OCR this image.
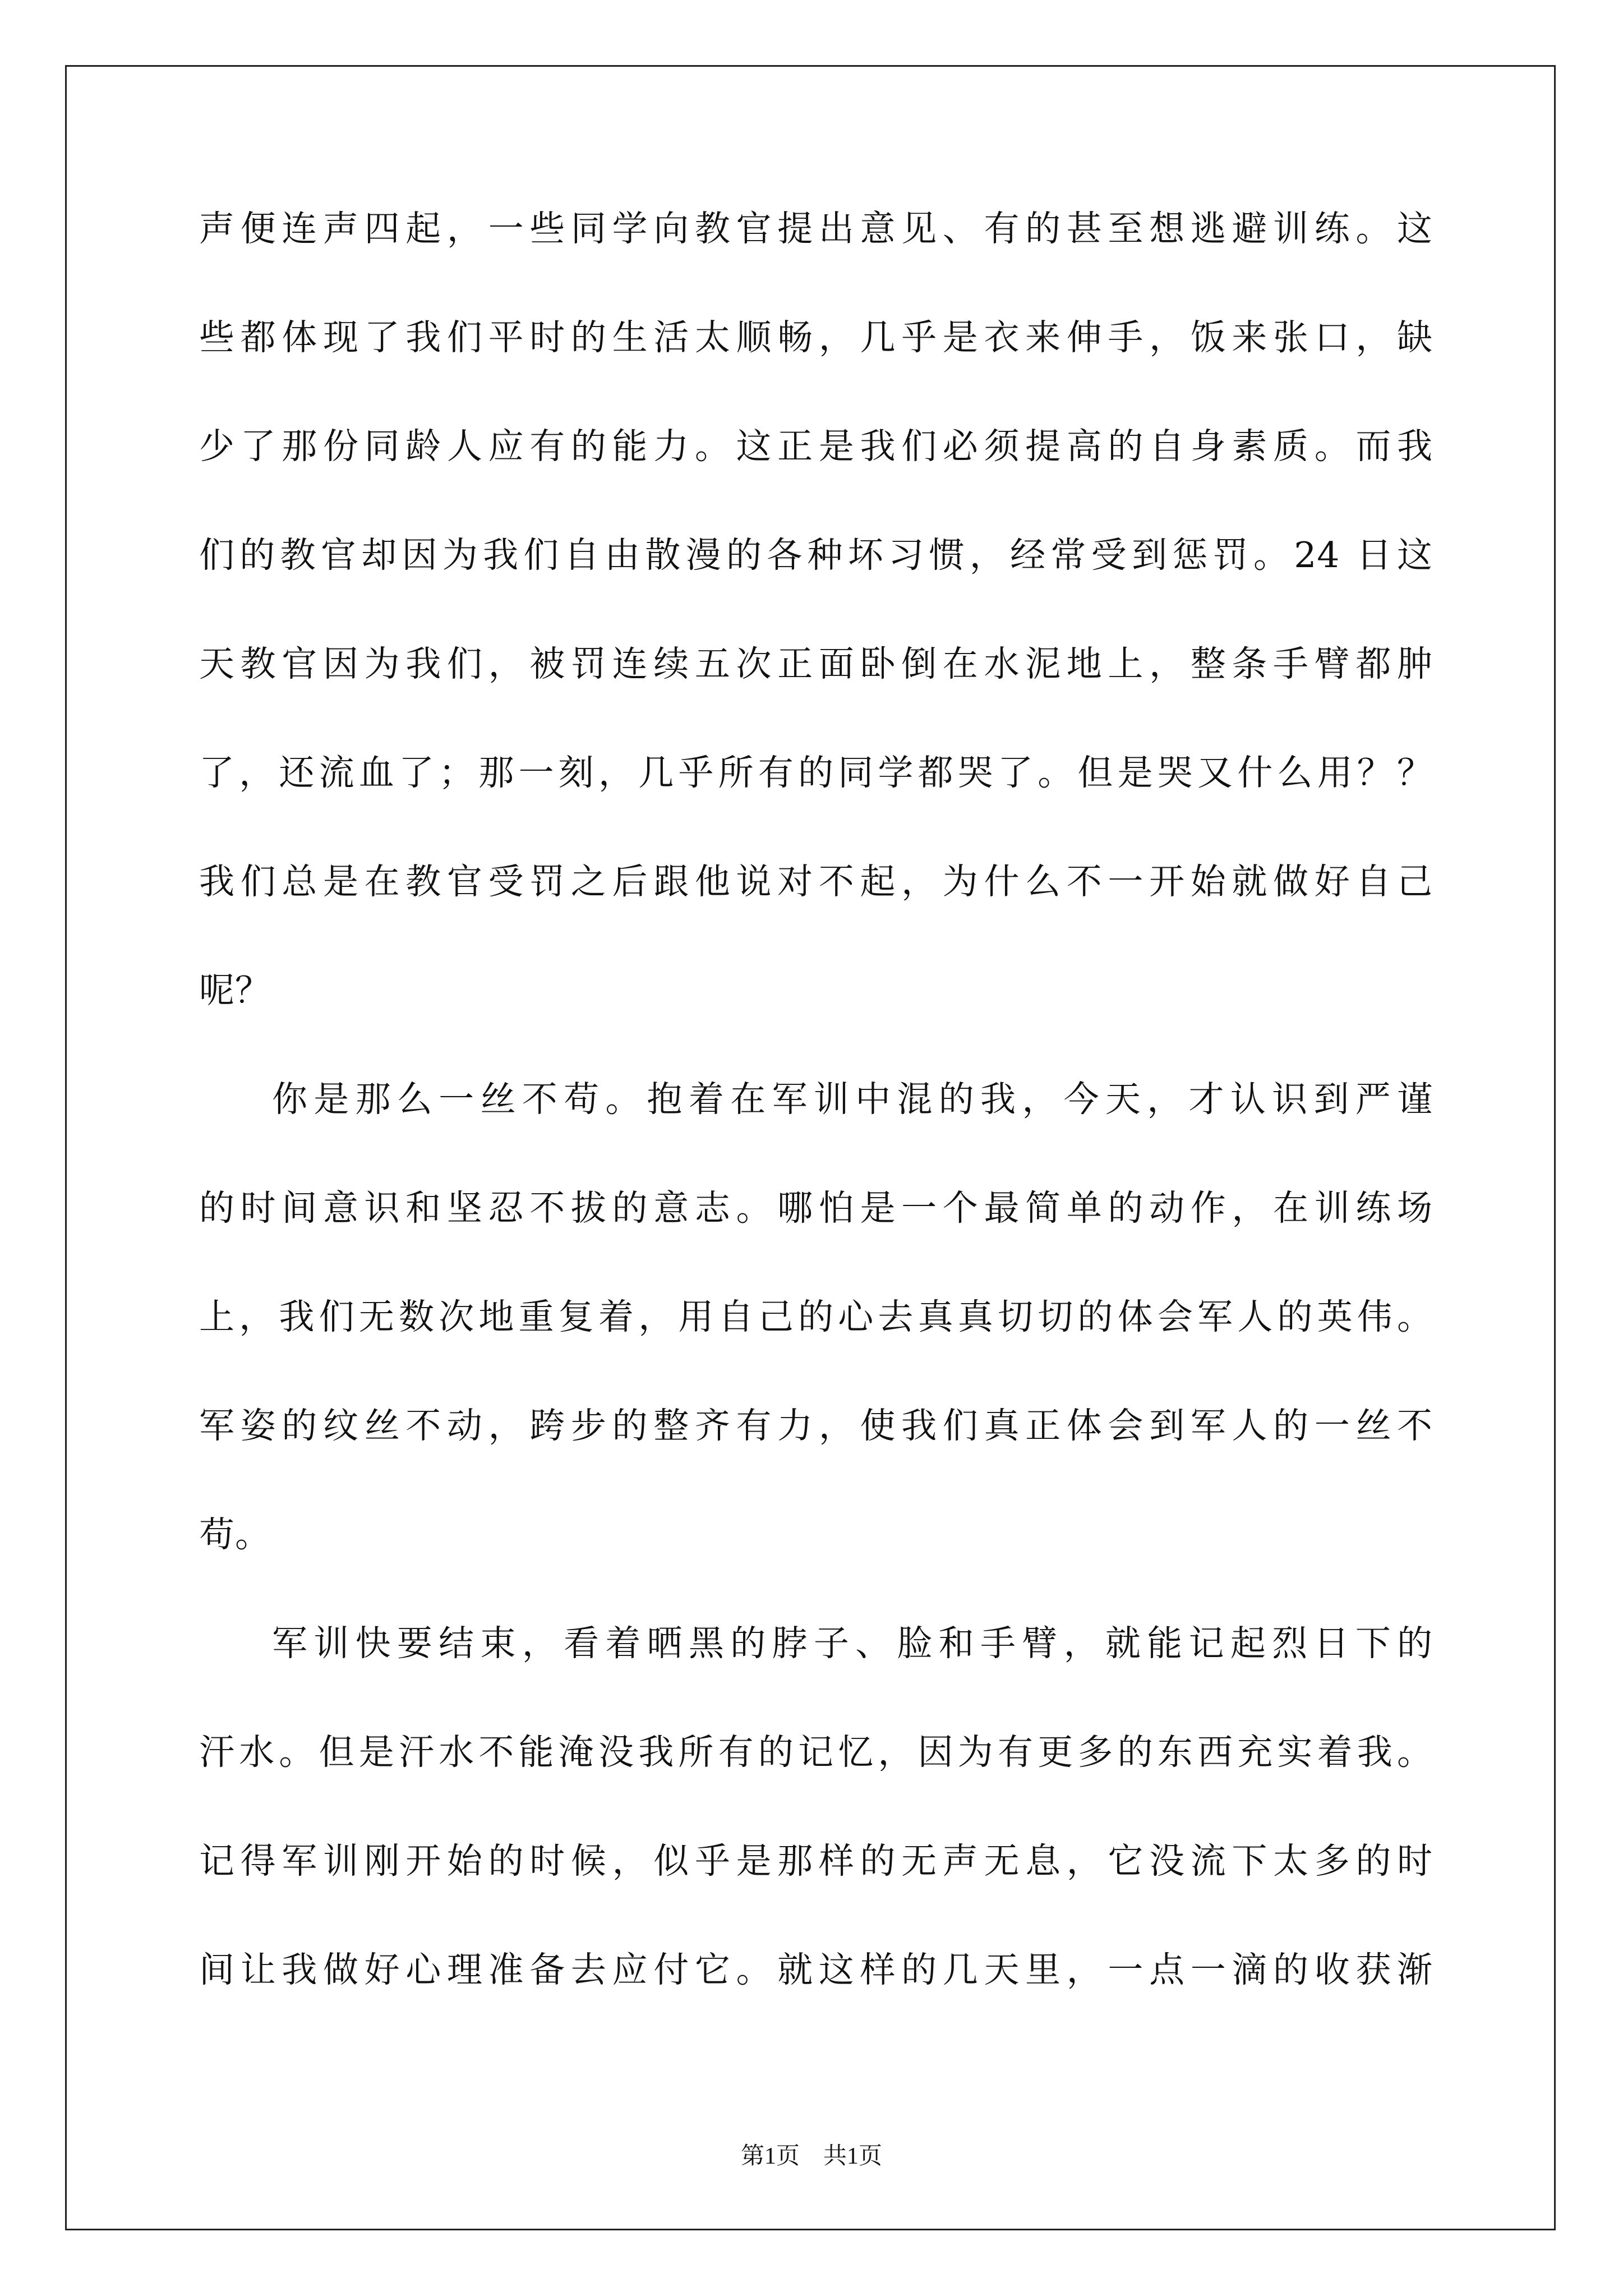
声便连声四起，一些同学向教官提出意见、有的甚至想逃避训练。这
些都体现了我们平时的生活太顺畅，几乎是衣来伸手，饭来张口，缺
少了那份同龄人应有的能力。这正是我们必须提高的自身素质。而我
们的教官却因为我们自由散漫的各种坏习惯，经常受到惩罚。24 日这
天教官因为我们，被罚连续五次正面卧倒在水泥地上，整条手臂都肿
了，还流血了；那一刻，几乎所有的同学都哭了。但是哭又什么用？？
我们总是在教官受罚之后跟他说对不起，为什么不一开始就做好自己
呢？
你是那么一丝不苟。抱着在军训中混的我，今天，才认识到严谨
的时间意识和坚忍不拔的意志。哪怕是一个最简单的动作，在训练场
上，我们无数次地重复着，用自己的心去真真切切的体会军人的英伟。
军姿的纹丝不动，跨步的整齐有力，使我们真正体会到军人的一丝不
苟。
军训快要结束，看着晒黑的脖子、脸和手臂，就能记起烈日下的
汗水。但是汗水不能淹没我所有的记忆，因为有更多的东西充实着我。
记得军训刚开始的时候，似乎是那样的无声无息，它没流下太多的时
间让我做好心理准备去应付它。就这样的几天里，一点一滴的收获渐
第1页　共1页
